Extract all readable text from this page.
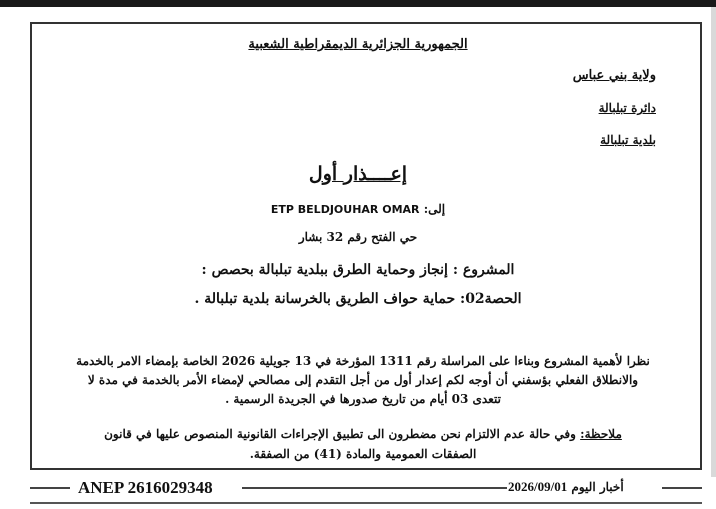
الجمهورية الجزائرية الديمقراطية الشعبية
ولاية بني عباس
دائرة تبلبالة
بلدية تبلبالة
إعــــذار أول
إلى: ETP BELDJOUHAR OMAR
حي الفتح رقم 32 بشار
المشروع : إنجاز وحماية الطرق ببلدية تبلبالة بحصص :
الحصة02: حماية حواف الطريق بالخرسانة بلدية تبلبالة .
نظرا لأهمية المشروع وبناءا على المراسلة رقم 1311 المؤرخة في 13 جويلية 2026 الخاصة بإمضاء الامر بالخدمة
والانطلاق الفعلي بؤسفني أن أوجه لكم إعدار أول من أجل التقدم إلى مصالحي لإمضاء الأمر بالخدمة في مدة لا
تتعدى 03 أيام من تاريخ صدورها في الجريدة الرسمية .
ملاحظة: وفي حالة عدم الالتزام نحن مضطرون الى تطبيق الإجراءات القانونية المنصوص عليها في قانون
الصفقات العمومية والمادة (41) من الصفقة.
ANEP 2616029348	أخبار اليوم 2026/09/01
